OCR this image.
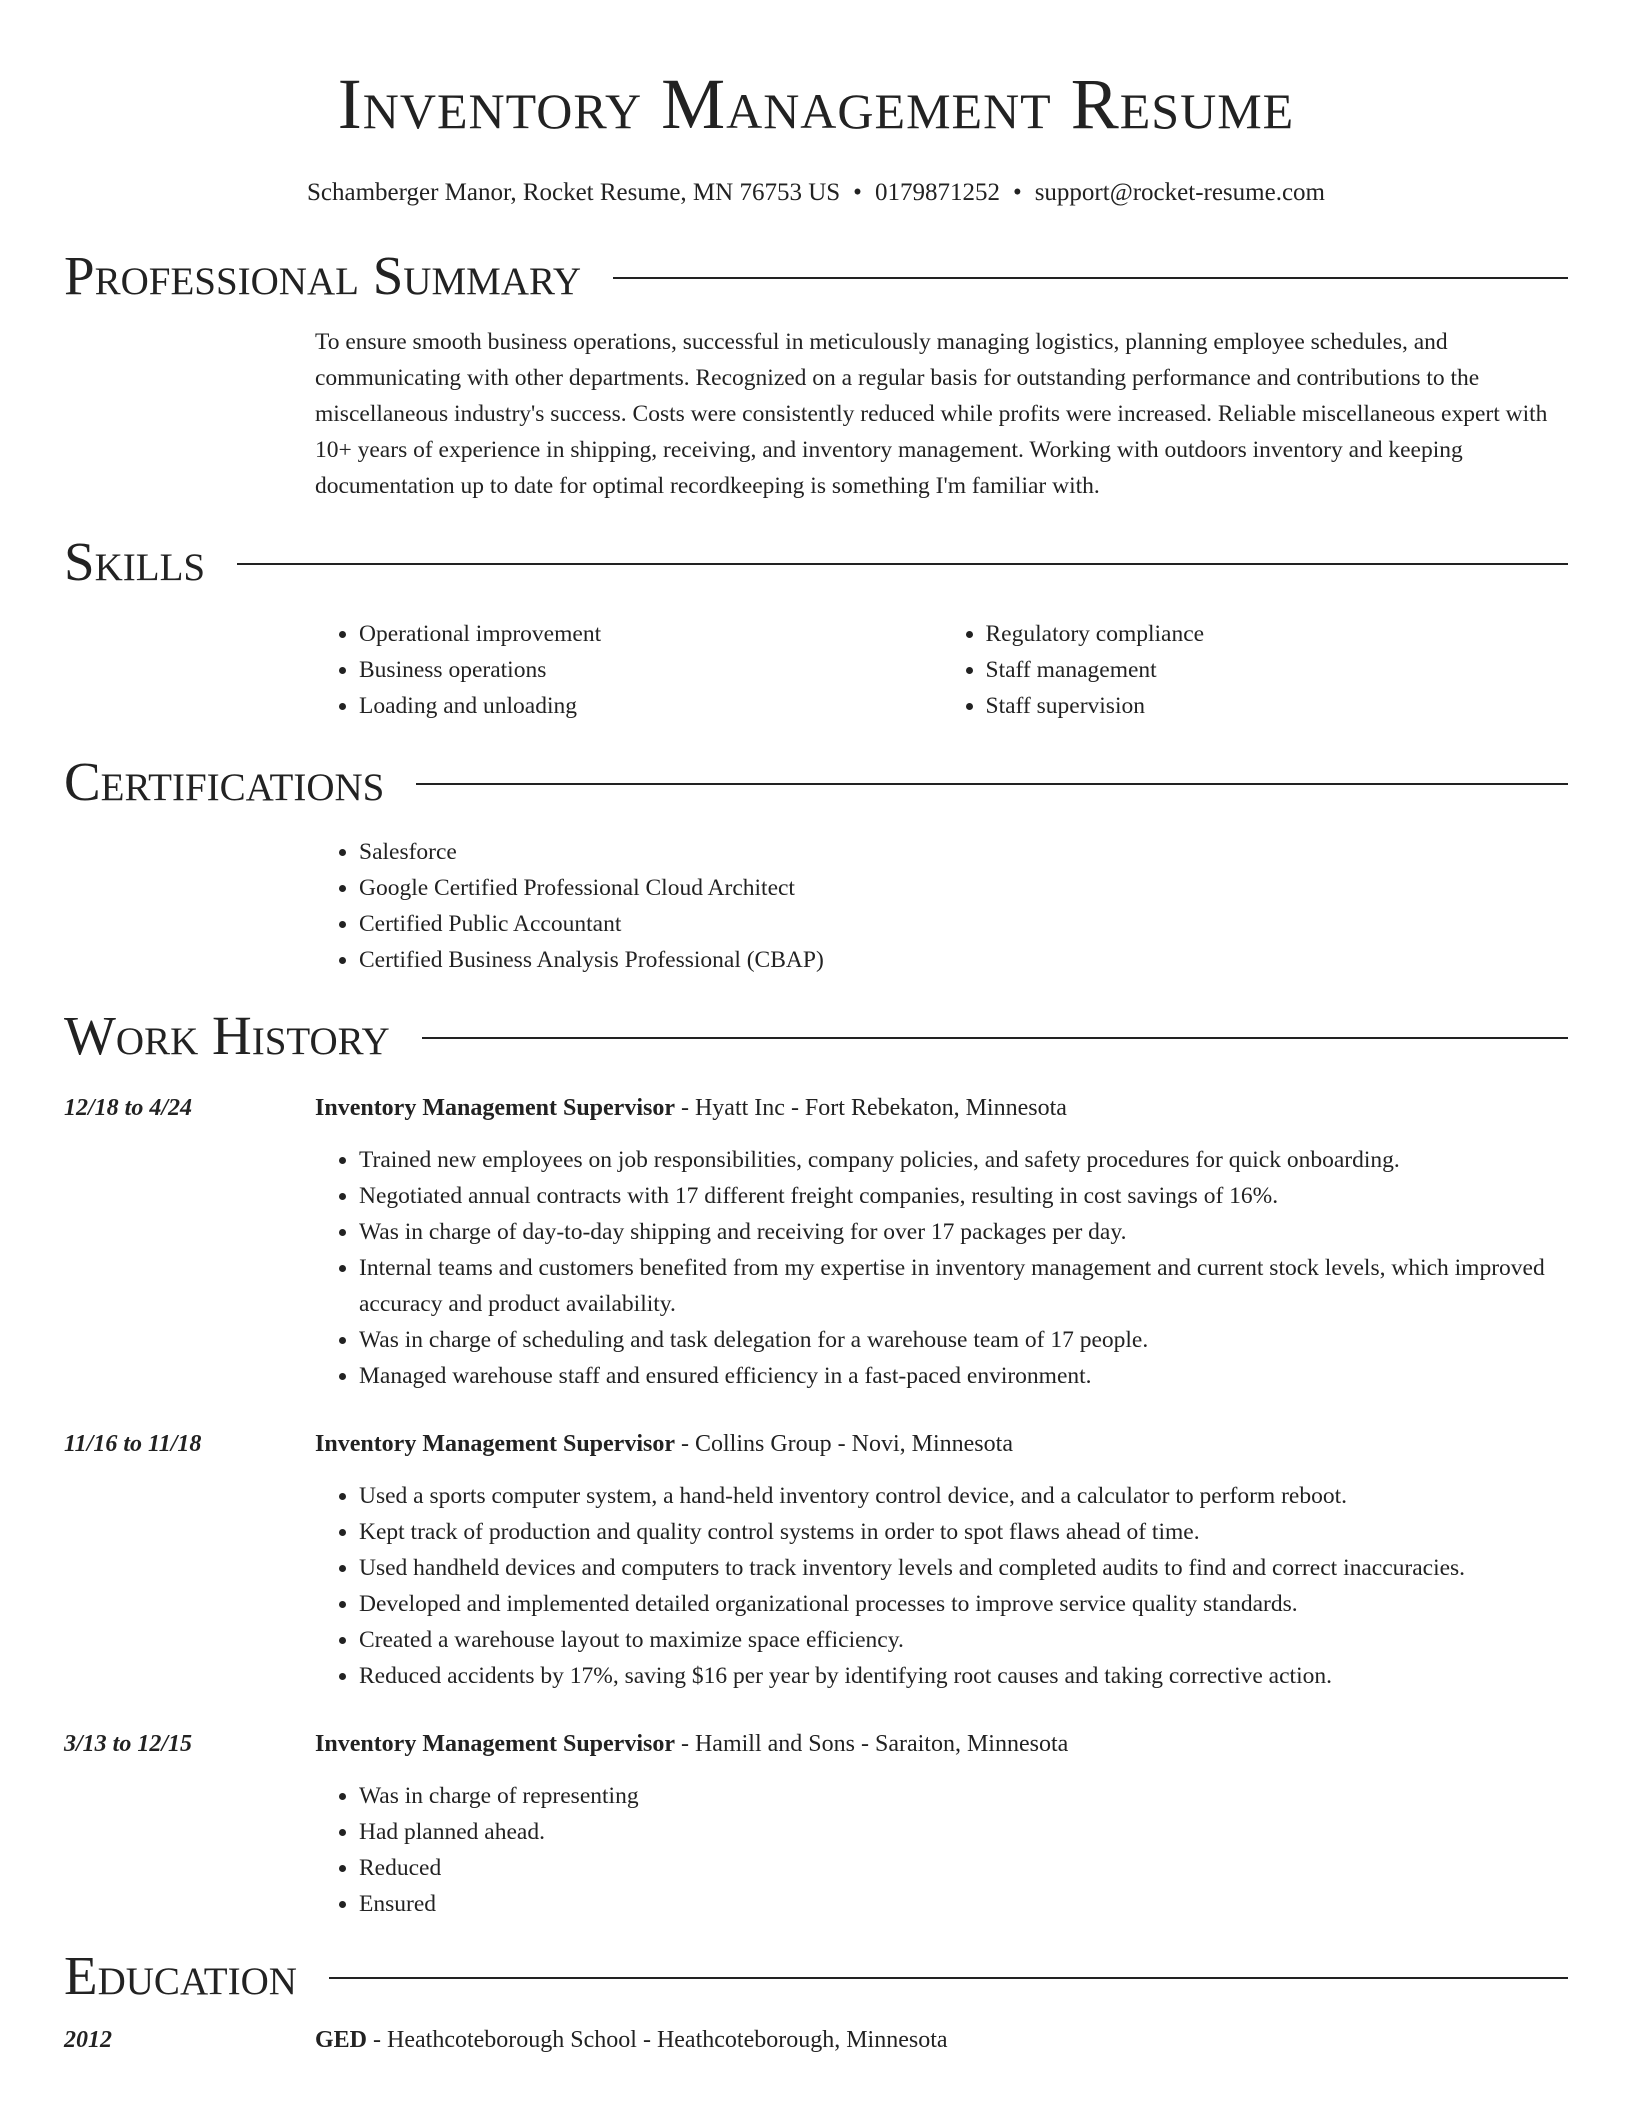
Inventory Management Resume
Schamberger Manor, Rocket Resume, MN 76753 US • 0179871252 • support@rocket-resume.com
Professional Summary

To ensure smooth business operations, successful in meticulously managing logistics, planning employee schedules, and communicating with other departments. Recognized on a regular basis for outstanding performance and contributions to the miscellaneous industry's success. Costs were consistently reduced while profits were increased. Reliable miscellaneous expert with 10+ years of experience in shipping, receiving, and inventory management. Working with outdoors inventory and keeping documentation up to date for optimal recordkeeping is something I'm familiar with.

Skills
• Operational improvement
• Business operations
• Loading and unloading
• Regulatory compliance
• Staff management
• Staff supervision
Certifications
• Salesforce
• Google Certified Professional Cloud Architect
• Certified Public Accountant
• Certified Business Analysis Professional (CBAP)
Work History
12/18 to 4/24	Inventory Management Supervisor - Hyatt Inc - Fort Rebekaton, Minnesota
• Trained new employees on job responsibilities, company policies, and safety procedures for quick onboarding.
• Negotiated annual contracts with 17 different freight companies, resulting in cost savings of 16%.
• Was in charge of day-to-day shipping and receiving for over 17 packages per day.
• Internal teams and customers benefited from my expertise in inventory management and current stock levels, which improved accuracy and product availability.
• Was in charge of scheduling and task delegation for a warehouse team of 17 people.
• Managed warehouse staff and ensured efficiency in a fast-paced environment.
11/16 to 11/18	Inventory Management Supervisor - Collins Group - Novi, Minnesota
• Used a sports computer system, a hand-held inventory control device, and a calculator to perform reboot.
• Kept track of production and quality control systems in order to spot flaws ahead of time.
• Used handheld devices and computers to track inventory levels and completed audits to find and correct inaccuracies.
• Developed and implemented detailed organizational processes to improve service quality standards.
• Created a warehouse layout to maximize space efficiency.
• Reduced accidents by 17%, saving $16 per year by identifying root causes and taking corrective action.
3/13 to 12/15	Inventory Management Supervisor - Hamill and Sons - Saraiton, Minnesota
• Was in charge of representing
• Had planned ahead.
• Reduced
• Ensured
Education
2012	GED - Heathcoteborough School - Heathcoteborough, Minnesota
